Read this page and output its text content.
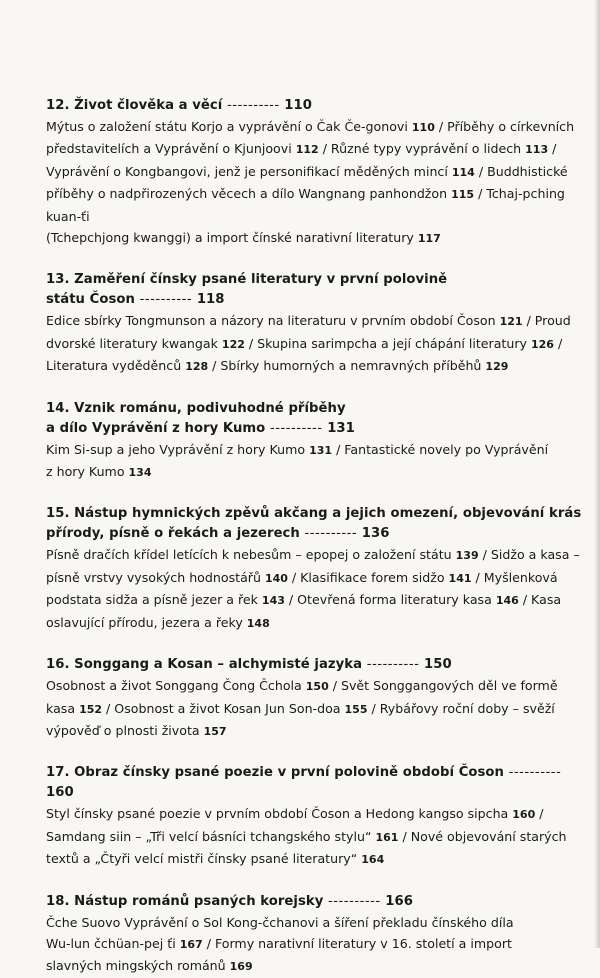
12. Život člověka a věcí ---------- 110
Mýtus o založení státu Korjo a vyprávění o Čak Če-gonovi 110 / Příběhy o církevních
představitelích a Vyprávění o Kjunjoovi 112 / Různé typy vyprávění o lidech 113 /
Vyprávění o Kongbangovi, jenž je personifikací měděných mincí 114 / Buddhistické
příběhy o nadpřirozených věcech a dílo Wangnang panhondžon 115 / Tchaj-pching kuan-ťi
(Tchepchjong kwanggi) a import čínské narativní literatury 117
13. Zaměření čínsky psané literatury v první polovině
státu Čoson ---------- 118
Edice sbírky Tongmunson a názory na literaturu v prvním období Čoson 121 / Proud
dvorské literatury kwangak 122 / Skupina sarimpcha a její chápání literatury 126 /
Literatura vyděděnců 128 / Sbírky humorných a nemravných příběhů 129
14. Vznik románu, podivuhodné příběhy
a dílo Vyprávění z hory Kumo ---------- 131
Kim Si-sup a jeho Vyprávění z hory Kumo 131 / Fantastické novely po Vyprávění
z hory Kumo 134
15. Nástup hymnických zpěvů akčang a jejich omezení, objevování krás
přírody, písně o řekách a jezerech ---------- 136
Písně dračích křídel letících k nebesům – epopej o založení státu 139 / Sidžo a kasa –
písně vrstvy vysokých hodnostářů 140 / Klasifikace forem sidžo 141 / Myšlenková
podstata sidža a písně jezer a řek 143 / Otevřená forma literatury kasa 146 / Kasa
oslavující přírodu, jezera a řeky 148
16. Songgang a Kosan – alchymisté jazyka ---------- 150
Osobnost a život Songgang Čong Čchola 150 / Svět Songgangových děl ve formě
kasa 152 / Osobnost a život Kosan Jun Son-doa 155 / Rybářovy roční doby – svěží
výpověď o plnosti života 157
17. Obraz čínsky psané poezie v první polovině období Čoson ---------- 160
Styl čínsky psané poezie v prvním období Čoson a Hedong kangso sipcha 160 /
Samdang siin – „Tři velcí básníci tchangského stylu“ 161 / Nové objevování starých
textů a „Čtyři velcí mistři čínsky psané literatury“ 164
18. Nástup románů psaných korejsky ---------- 166
Čche Suovo Vyprávění o Sol Kong-čchanovi a šíření překladu čínského díla
Wu-lun čchüan-pej ťi 167 / Formy narativní literatury v 16. století a import
slavných mingských románů 169
